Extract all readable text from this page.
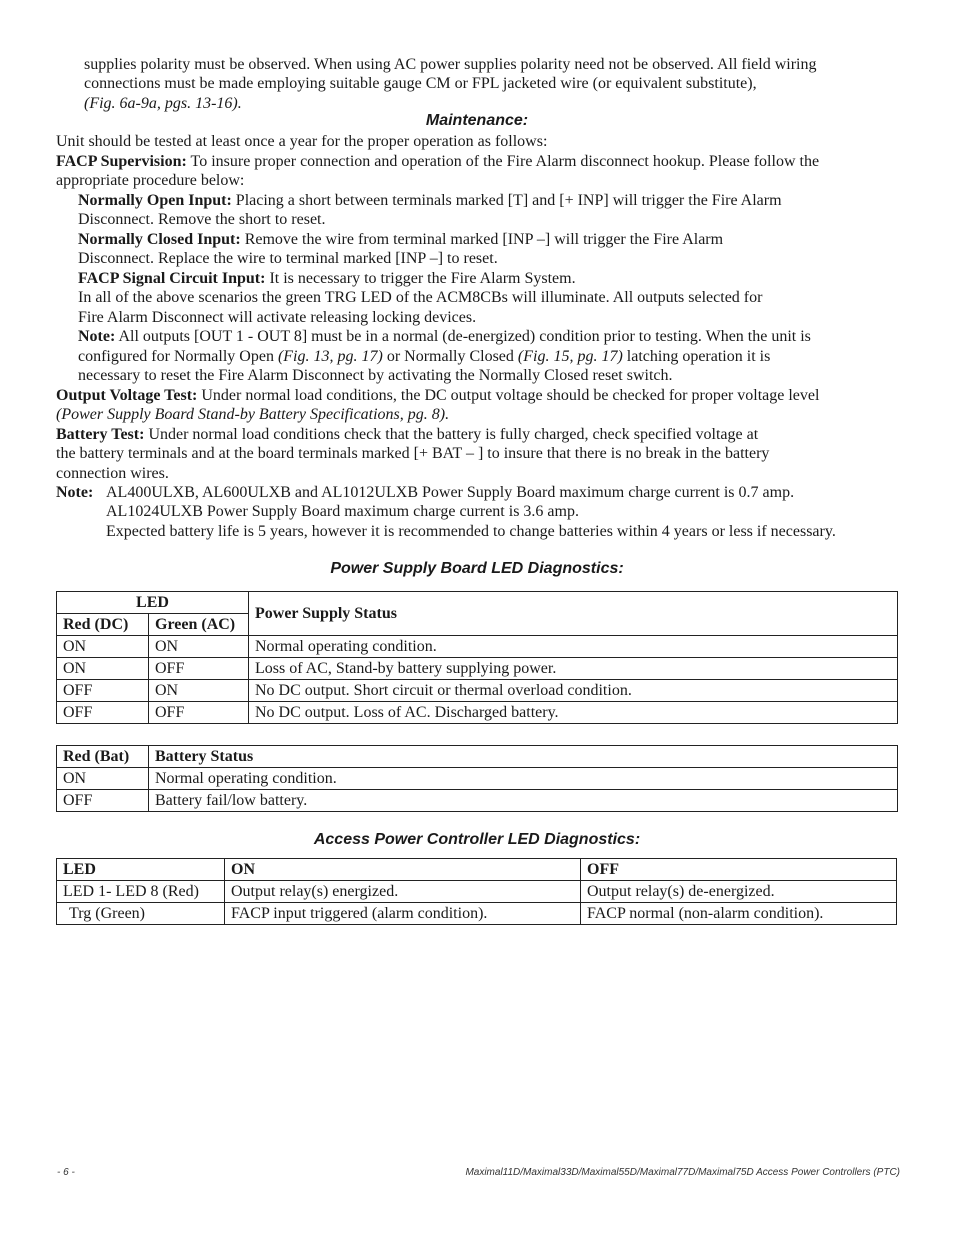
supplies polarity must be observed. When using AC power supplies polarity need not be observed. All field wiring
connections must be made employing suitable gauge CM or FPL jacketed wire (or equivalent substitute),
(Fig. 6a-9a, pgs. 13-16).
Maintenance:
Unit should be tested at least once a year for the proper operation as follows:
FACP Supervision: To insure proper connection and operation of the Fire Alarm disconnect hookup. Please follow the
appropriate procedure below:
Normally Open Input: Placing a short between terminals marked [T] and [+ INP] will trigger the Fire Alarm
Disconnect. Remove the short to reset.
Normally Closed Input: Remove the wire from terminal marked [INP –] will trigger the Fire Alarm
Disconnect. Replace the wire to terminal marked [INP –] to reset.
FACP Signal Circuit Input: It is necessary to trigger the Fire Alarm System.
In all of the above scenarios the green TRG LED of the ACM8CBs will illuminate. All outputs selected for
Fire Alarm Disconnect will activate releasing locking devices.
Note: All outputs [OUT 1 - OUT 8] must be in a normal (de-energized) condition prior to testing. When the unit is
configured for Normally Open (Fig. 13, pg. 17) or Normally Closed (Fig. 15, pg. 17) latching operation it is
necessary to reset the Fire Alarm Disconnect by activating the Normally Closed reset switch.
Output Voltage Test: Under normal load conditions, the DC output voltage should be checked for proper voltage level
(Power Supply Board Stand-by Battery Specifications, pg. 8).
Battery Test: Under normal load conditions check that the battery is fully charged, check specified voltage at
the battery terminals and at the board terminals marked [+ BAT – ] to insure that there is no break in the battery
connection wires.
Note: AL400ULXB, AL600ULXB and AL1012ULXB Power Supply Board maximum charge current is 0.7 amp.
AL1024ULXB Power Supply Board maximum charge current is 3.6 amp.
Expected battery life is 5 years, however it is recommended to change batteries within 4 years or less if necessary.
Power Supply Board LED Diagnostics:
LED		Power Supply Status
Red (DC)	Green (AC)	
ON	ON	Normal operating condition.
ON	OFF	Loss of AC, Stand-by battery supplying power.
OFF	ON	No DC output. Short circuit or thermal overload condition.
OFF	OFF	No DC output. Loss of AC. Discharged battery.
Red (Bat)	Battery Status
ON	Normal operating condition.
OFF	Battery fail/low battery.
Access Power Controller LED Diagnostics:
LED	ON	OFF
LED 1- LED 8 (Red)	Output relay(s) energized.	Output relay(s) de-energized.
Trg (Green)	FACP input triggered (alarm condition).	FACP normal (non-alarm condition).
- 6 -	Maximal11D/Maximal33D/Maximal55D/Maximal77D/Maximal75D Access Power Controllers (PTC)
